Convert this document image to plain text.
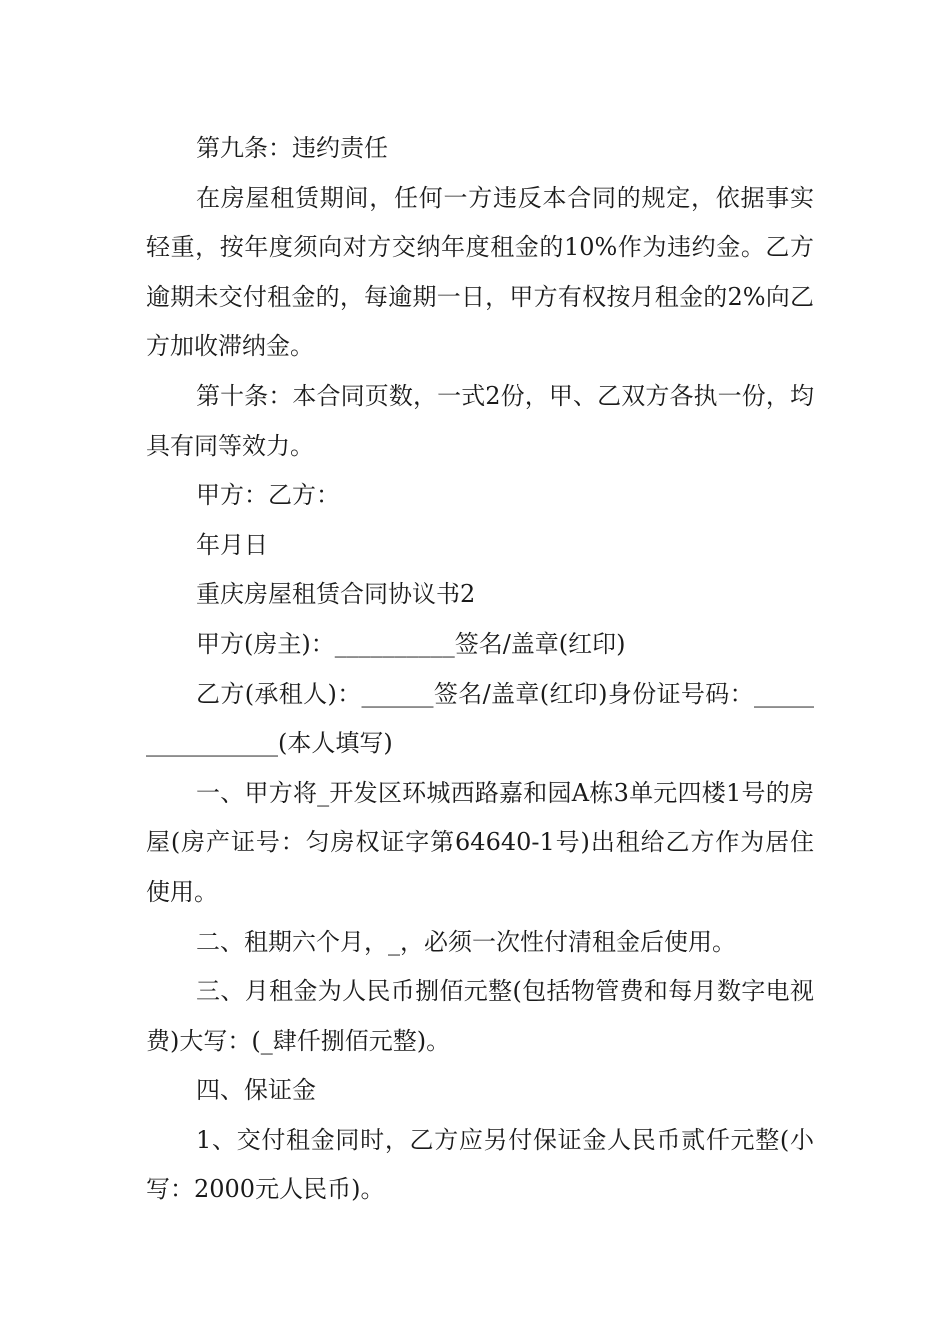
第九条：违约责任

在房屋租赁期间，任何一方违反本合同的规定，依据事实轻重，按年度须向对方交纳年度租金的10%作为违约金。乙方逾期未交付租金的，每逾期一日，甲方有权按月租金的2%向乙方加收滞纳金。

第十条：本合同页数，一式2份，甲、乙双方各执一份，均具有同等效力。

甲方：乙方：

年月日

重庆房屋租赁合同协议书2

甲方(房主)：__________签名/盖章(红印)

乙方(承租人)：______签名/盖章(红印)身份证号码：________________(本人填写)

一、甲方将_开发区环城西路嘉和园A栋3单元四楼1号的房屋(房产证号：匀房权证字第64640-1号)出租给乙方作为居住使用。

二、租期六个月，_，必须一次性付清租金后使用。

三、月租金为人民币捌佰元整(包括物管费和每月数字电视费)大写：(_肆仟捌佰元整)。

四、保证金

1、交付租金同时，乙方应另付保证金人民币贰仟元整(小写：2000元人民币)。
